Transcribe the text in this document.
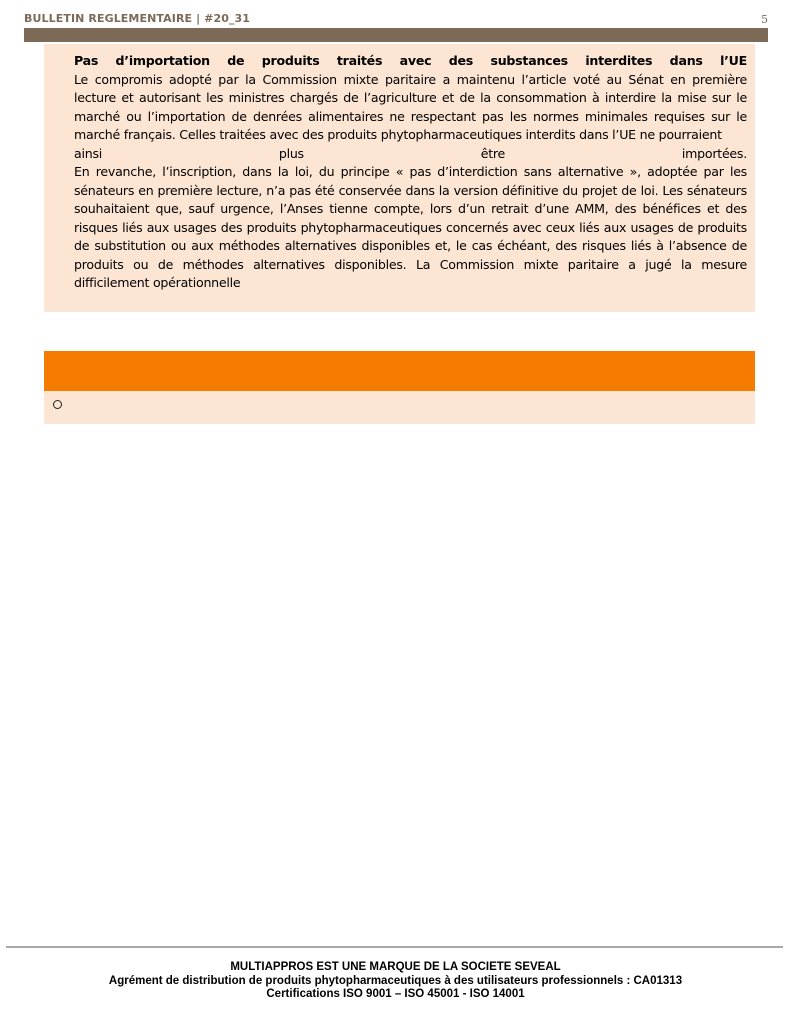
BULLETIN REGLEMENTAIRE | #20_31	5

Pas d’importation de produits traités avec des substances interdites dans l’UE

Le compromis adopté par la Commission mixte paritaire a maintenu l’article voté au Sénat en première lecture et autorisant les ministres chargés de l’agriculture et de la consommation à interdire la mise sur le marché ou l’importation de denrées alimentaires ne respectant pas les normes minimales requises sur le marché français. Celles traitées avec des produits phytopharmaceutiques interdits dans l’UE ne pourraient
ainsi plus être importées.

En revanche, l’inscription, dans la loi, du principe « pas d’interdiction sans alternative », adoptée par les sénateurs en première lecture, n’a pas été conservée dans la version définitive du projet de loi. Les sénateurs souhaitaient que, sauf urgence, l’Anses tienne compte, lors d’un retrait d’une AMM, des bénéfices et des risques liés aux usages des produits phytopharmaceutiques concernés avec ceux liés aux usages de produits de substitution ou aux méthodes alternatives disponibles et, le cas échéant, des risques liés à l’absence de produits ou de méthodes alternatives disponibles. La Commission mixte paritaire a jugé la mesure difficilement opérationnelle

MULTIAPPROS EST UNE MARQUE DE LA SOCIETE SEVEAL
Agrément de distribution de produits phytopharmaceutiques à des utilisateurs professionnels : CA01313
Certifications ISO 9001 – ISO 45001 - ISO 14001
